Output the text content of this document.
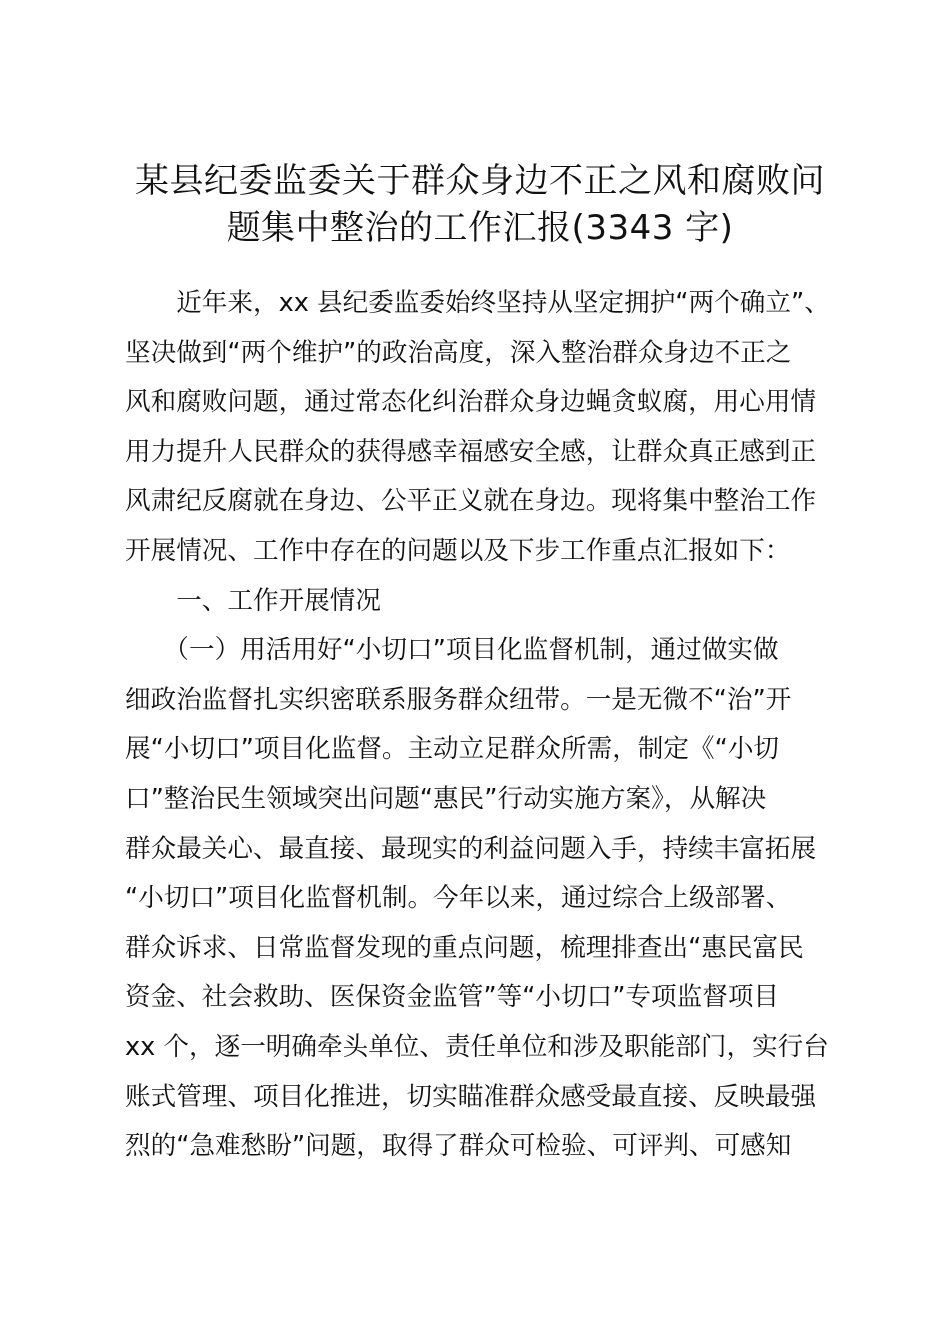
某县纪委监委关于群众身边不正之风和腐败问
题集中整治的工作汇报(3343 字)
　　近年来，xx 县纪委监委始终坚持从坚定拥护“两个确立”、
坚决做到“两个维护”的政治高度，深入整治群众身边不正之
风和腐败问题，通过常态化纠治群众身边蝇贪蚁腐，用心用情
用力提升人民群众的获得感幸福感安全感，让群众真正感到正
风肃纪反腐就在身边、公平正义就在身边。现将集中整治工作
开展情况、工作中存在的问题以及下步工作重点汇报如下：
　　一、工作开展情况
　　（一）用活用好“小切口”项目化监督机制，通过做实做
细政治监督扎实织密联系服务群众纽带。一是无微不“治”开
展“小切口”项目化监督。主动立足群众所需，制定《“小切
口”整治民生领域突出问题“惠民”行动实施方案》，从解决
群众最关心、最直接、最现实的利益问题入手，持续丰富拓展
“小切口”项目化监督机制。今年以来，通过综合上级部署、
群众诉求、日常监督发现的重点问题，梳理排查出“惠民富民
资金、社会救助、医保资金监管”等“小切口”专项监督项目
xx 个，逐一明确牵头单位、责任单位和涉及职能部门，实行台
账式管理、项目化推进，切实瞄准群众感受最直接、反映最强
烈的“急难愁盼”问题，取得了群众可检验、可评判、可感知
